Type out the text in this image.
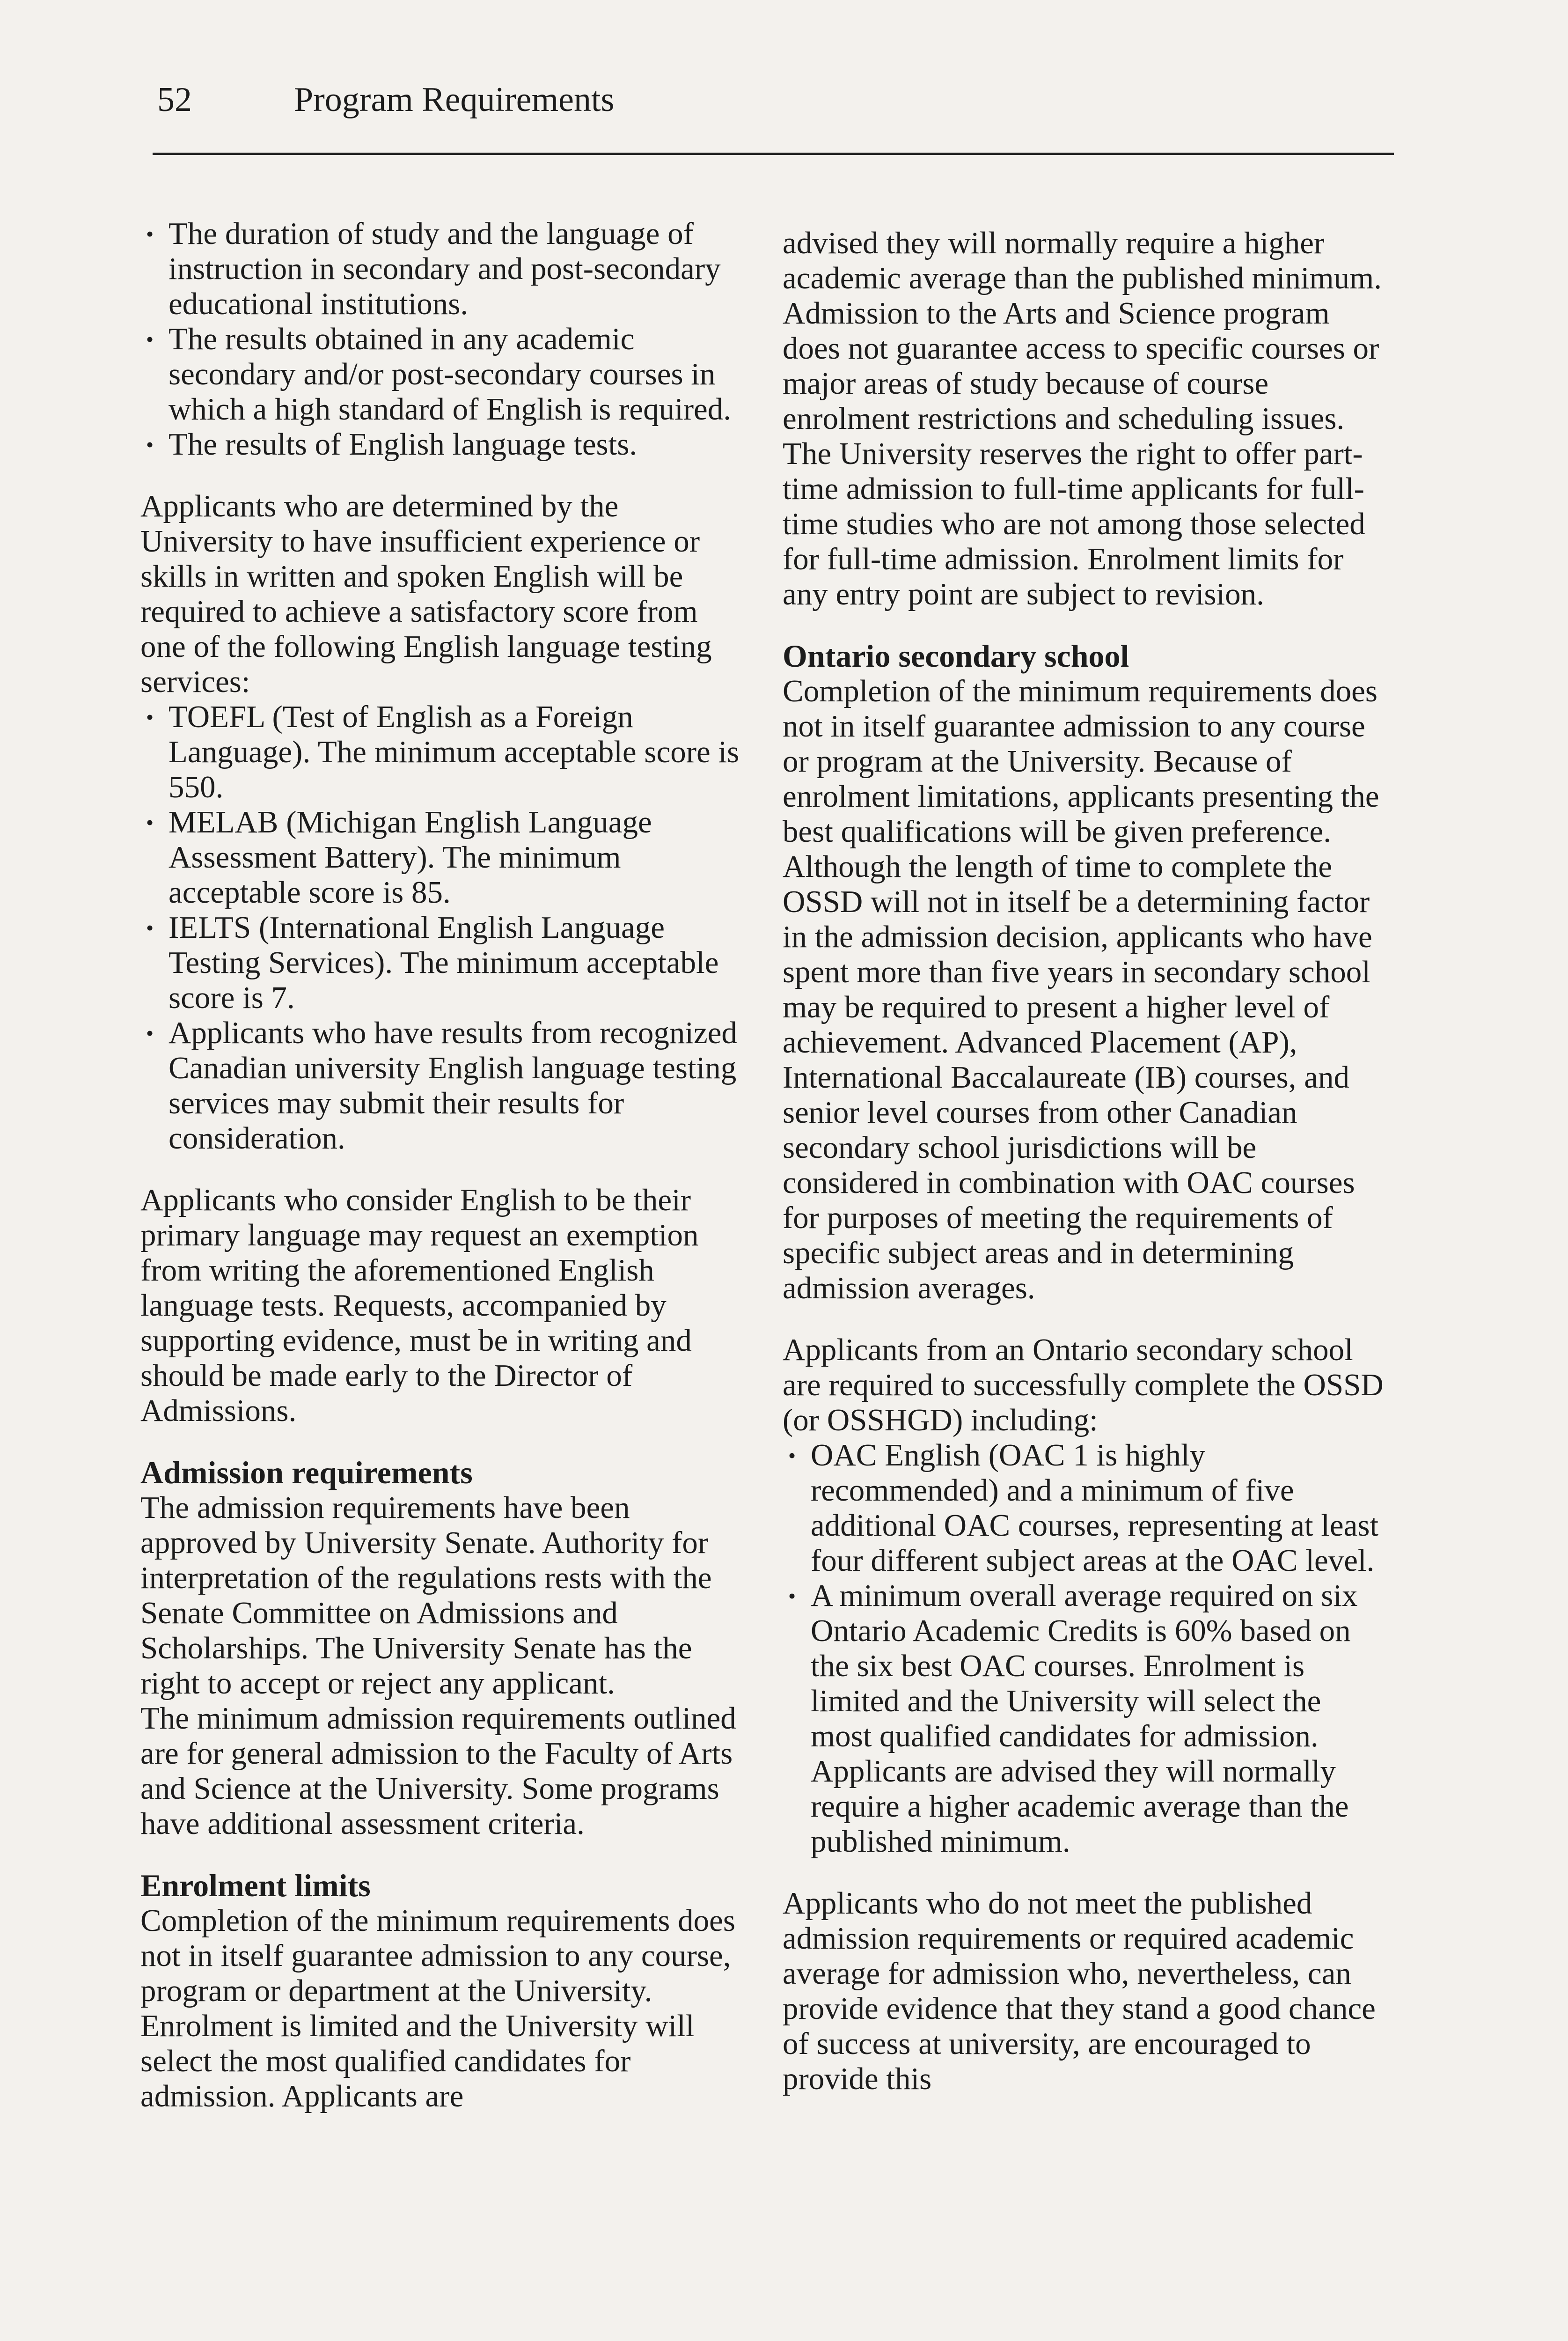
52	Program Requirements
• The duration of study and the language of instruction in secondary and post-secondary educational institutions.
• The results obtained in any academic secondary and/or post-secondary courses in which a high standard of English is required.
• The results of English language tests.

Applicants who are determined by the University to have insufficient experience or skills in written and spoken English will be required to achieve a satisfactory score from one of the following English language testing services:

• TOEFL (Test of English as a Foreign Language). The minimum acceptable score is 550.
• MELAB (Michigan English Language Assessment Battery). The minimum acceptable score is 85.
• IELTS (International English Language Testing Services). The minimum acceptable score is 7.
• Applicants who have results from recognized Canadian university English language testing services may submit their results for consideration.

Applicants who consider English to be their primary language may request an exemption from writing the aforementioned English language tests. Requests, accompanied by supporting evidence, must be in writing and should be made early to the Director of Admissions.

Admission requirements

The admission requirements have been approved by University Senate. Authority for interpretation of the regulations rests with the Senate Committee on Admissions and Scholarships. The University Senate has the right to accept or reject any applicant.

The minimum admission requirements outlined are for general admission to the Faculty of Arts and Science at the University. Some programs have additional assessment criteria.

Enrolment limits

Completion of the minimum requirements does not in itself guarantee admission to any course, program or department at the University. Enrolment is limited and the University will select the most qualified candidates for admission. Applicants are

advised they will normally require a higher academic average than the published minimum. Admission to the Arts and Science program does not guarantee access to specific courses or major areas of study because of course enrolment restrictions and scheduling issues. The University reserves the right to offer part-time admission to full-time applicants for full-time studies who are not among those selected for full-time admission. Enrolment limits for any entry point are subject to revision.

Ontario secondary school

Completion of the minimum requirements does not in itself guarantee admission to any course or program at the University. Because of enrolment limitations, applicants presenting the best qualifications will be given preference. Although the length of time to complete the OSSD will not in itself be a determining factor in the admission decision, applicants who have spent more than five years in secondary school may be required to present a higher level of achievement. Advanced Placement (AP), International Baccalaureate (IB) courses, and senior level courses from other Canadian secondary school jurisdictions will be considered in combination with OAC courses for purposes of meeting the requirements of specific subject areas and in determining admission averages.

Applicants from an Ontario secondary school are required to successfully complete the OSSD (or OSSHGD) including:

• OAC English (OAC 1 is highly recommended) and a minimum of five additional OAC courses, representing at least four different subject areas at the OAC level.
• A minimum overall average required on six Ontario Academic Credits is 60% based on the six best OAC courses. Enrolment is limited and the University will select the most qualified candidates for admission. Applicants are advised they will normally require a higher academic average than the published minimum.

Applicants who do not meet the published admission requirements or required academic average for admission who, nevertheless, can provide evidence that they stand a good chance of success at university, are encouraged to provide this
